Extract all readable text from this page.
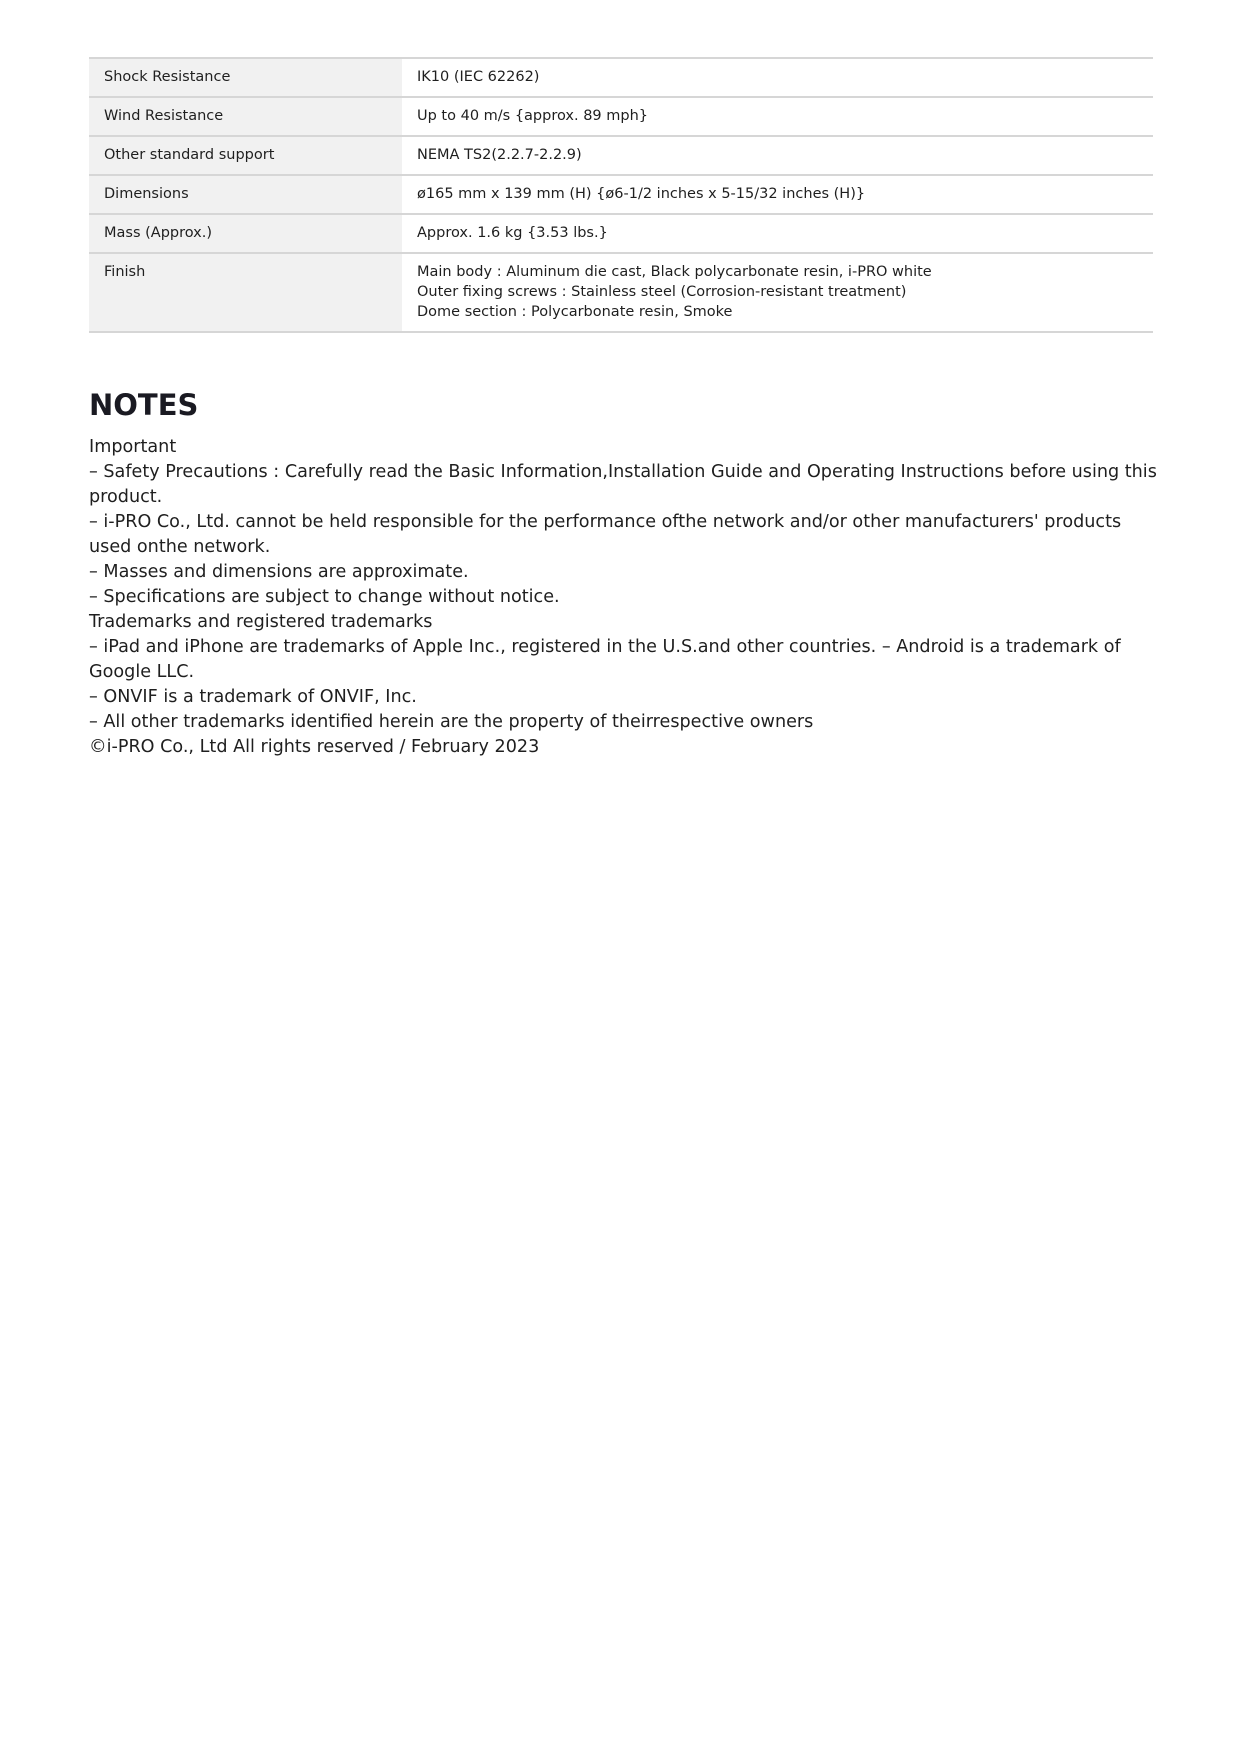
Shock Resistance	IK10 (IEC 62262)

Wind Resistance	Up to 40 m/s {approx. 89 mph}

Other standard support	NEMA TS2(2.2.7-2.2.9)

Dimensions	ø165 mm x 139 mm (H) {ø6-1/2 inches x 5-15/32 inches (H)}

Mass (Approx.)	Approx. 1.6 kg {3.53 lbs.}

Finish	Main body : Aluminum die cast, Black polycarbonate resin, i-PRO white
Outer fixing screws : Stainless steel (Corrosion-resistant treatment)
Dome section : Polycarbonate resin, Smoke
NOTES

Important

– Safety Precautions : Carefully read the Basic Information,Installation Guide and Operating Instructions before using this product.

– i-PRO Co., Ltd. cannot be held responsible for the performance ofthe network and/or other manufacturers' products used onthe network.

– Masses and dimensions are approximate.

– Specifications are subject to change without notice.

Trademarks and registered trademarks

– iPad and iPhone are trademarks of Apple Inc., registered in the U.S.and other countries. – Android is a trademark of Google LLC.

– ONVIF is a trademark of ONVIF, Inc.

– All other trademarks identified herein are the property of theirrespective owners

©i-PRO Co., Ltd All rights reserved / February 2023
